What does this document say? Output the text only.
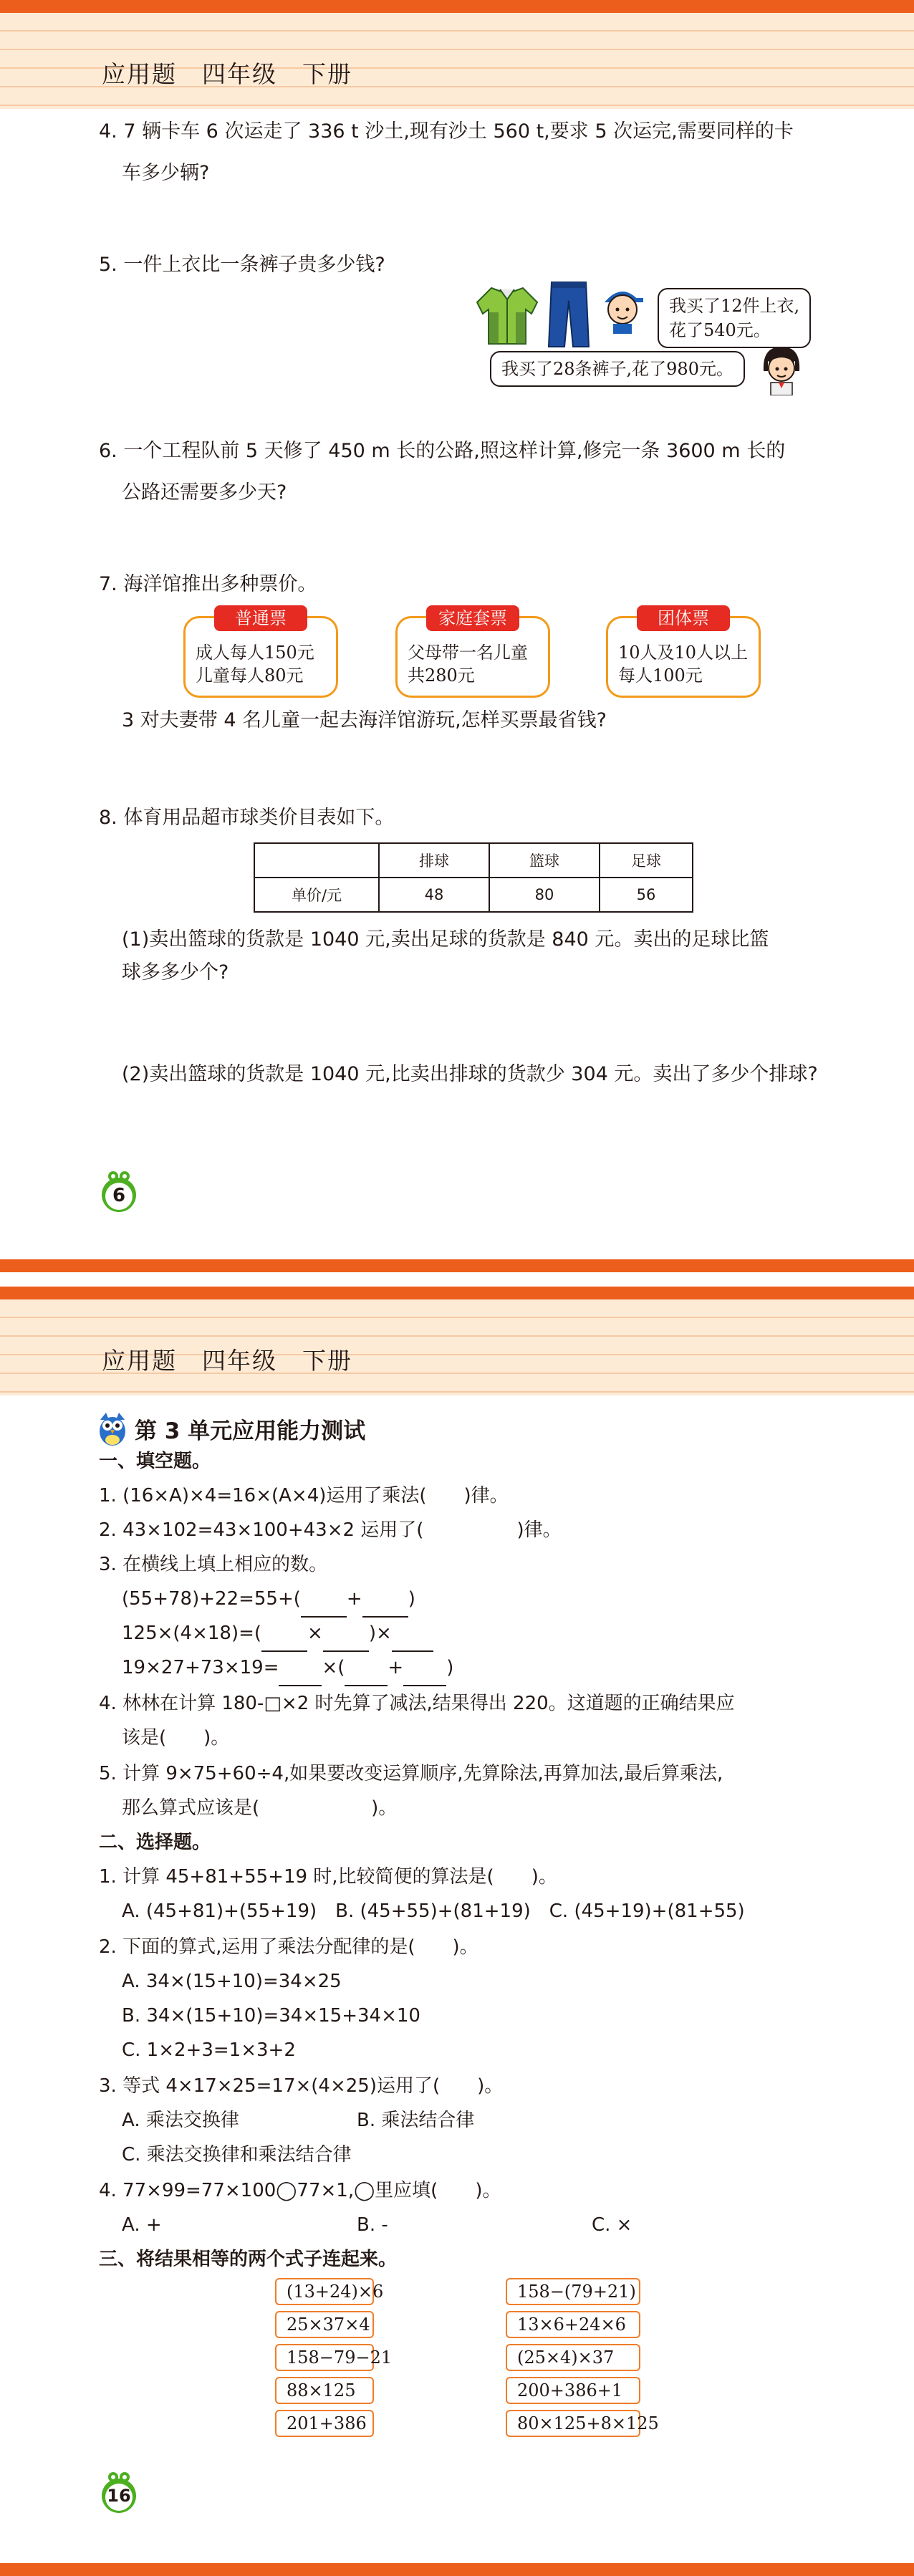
应用题　四年级　下册
4. 7 辆卡车 6 次运走了 336 t 沙土,现有沙土 560 t,要求 5 次运完,需要同样的卡
车多少辆?
5. 一件上衣比一条裤子贵多少钱?
我买了12件上衣,
花了540元。
我买了28条裤子,花了980元。
6. 一个工程队前 5 天修了 450 m 长的公路,照这样计算,修完一条 3600 m 长的
公路还需要多少天?
7. 海洋馆推出多种票价。
普通票
成人每人150元
儿童每人80元
家庭套票
父母带一名儿童
共280元
团体票
10人及10人以上
每人100元
3 对夫妻带 4 名儿童一起去海洋馆游玩,怎样买票最省钱?
8. 体育用品超市球类价目表如下。
	排球	篮球	足球
单价/元	48	80	56
(1)卖出篮球的货款是 1040 元,卖出足球的货款是 840 元。卖出的足球比篮
球多多少个?
(2)卖出篮球的货款是 1040 元,比卖出排球的货款少 304 元。卖出了多少个排球?
6
应用题　四年级　下册
第 3 单元应用能力测试
一、填空题。
1. (16×A)×4=16×(A×4)运用了乘法(　　)律。
2. 43×102=43×100+43×2 运用了(　　　　　)律。
3. 在横线上填上相应的数。
(55+78)+22=55+( + )
125×(4×18)=( × )×
19×27+73×19= ×( + )
4. 林林在计算 180-□×2 时先算了减法,结果得出 220。这道题的正确结果应
该是(　　)。
5. 计算 9×75+60÷4,如果要改变运算顺序,先算除法,再算加法,最后算乘法,
那么算式应该是(　　　　　　)。
二、选择题。
1. 计算 45+81+55+19 时,比较简便的算法是(　　)。
A. (45+81)+(55+19)　B. (45+55)+(81+19)　C. (45+19)+(81+55)
2. 下面的算式,运用了乘法分配律的是(　　)。
A. 34×(15+10)=34×25
B. 34×(15+10)=34×15+34×10
C. 1×2+3=1×3+2
3. 等式 4×17×25=17×(4×25)运用了(　　)。
A. 乘法交换律	B. 乘法结合律
C. 乘法交换律和乘法结合律
4. 77×99=77×100◯77×1,◯里应填(　　)。
A. +	B. -	C. ×
三、将结果相等的两个式子连起来。
(13+24)×6
25×37×4
158−79−21
88×125
201+386
158−(79+21)
13×6+24×6
(25×4)×37
200+386+1
80×125+8×125
16
